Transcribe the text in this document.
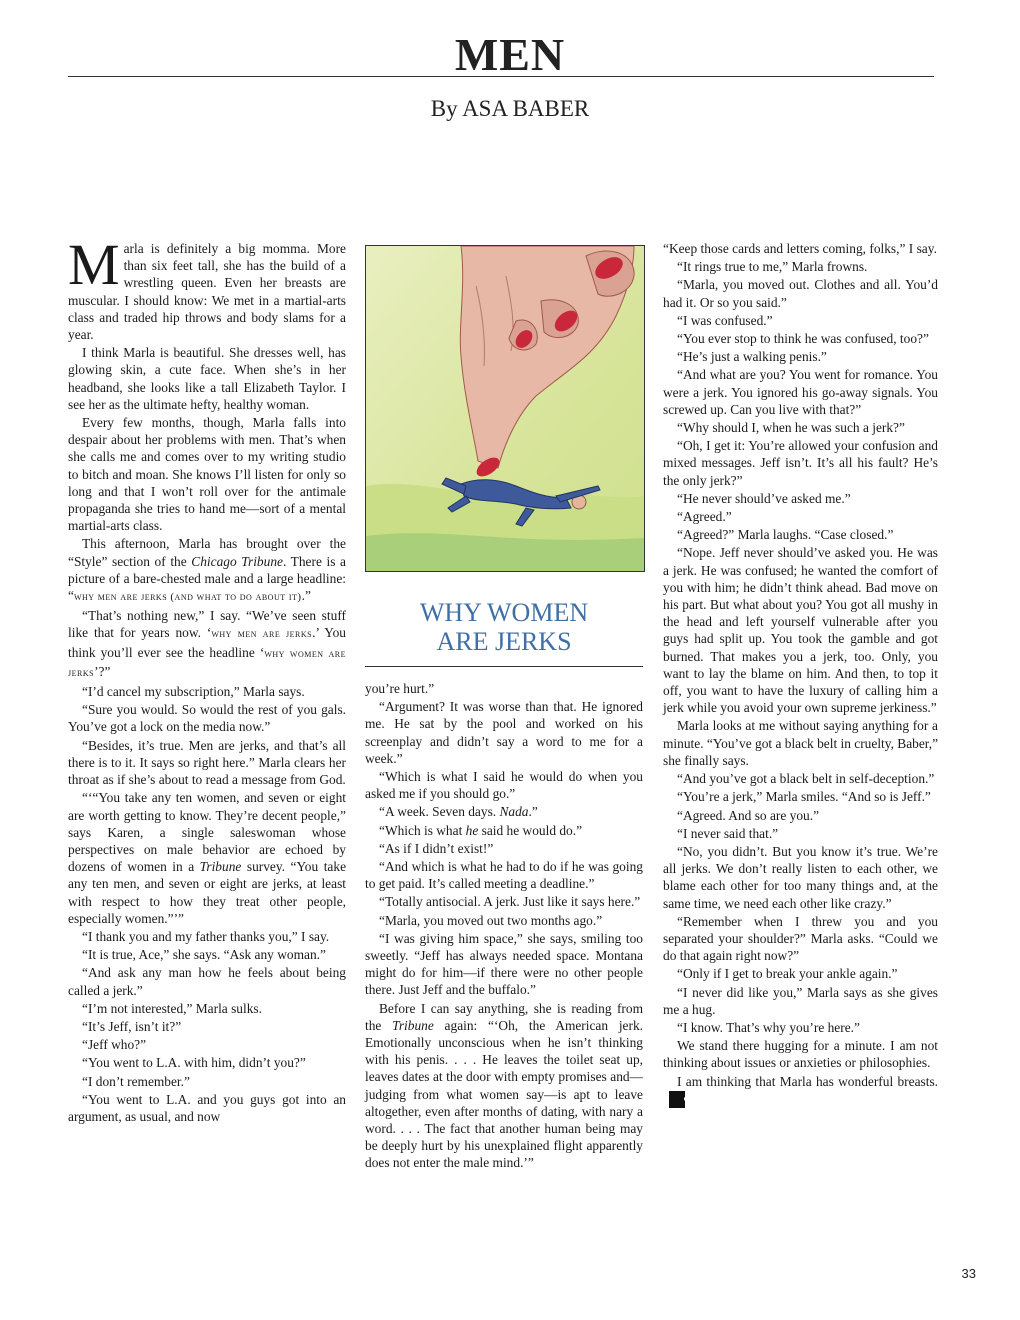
MEN
By ASA BABER

Marla is definitely a big momma. More than six feet tall, she has the build of a wrestling queen. Even her breasts are muscular. I should know: We met in a martial-arts class and traded hip throws and body slams for a year.

I think Marla is beautiful. She dresses well, has glowing skin, a cute face. When she’s in her headband, she looks like a tall Elizabeth Taylor. I see her as the ultimate hefty, healthy woman.

Every few months, though, Marla falls into despair about her problems with men. That’s when she calls me and comes over to my writing studio to bitch and moan. She knows I’ll listen for only so long and that I won’t roll over for the antimale propaganda she tries to hand me—sort of a mental martial-arts class.

This afternoon, Marla has brought over the “Style” section of the Chicago Tribune. There is a picture of a bare-chested male and a large headline: “why men are jerks (and what to do about it).”

“That’s nothing new,” I say. “We’ve seen stuff like that for years now. ‘why men are jerks.’ You think you’ll ever see the headline ‘why women are jerks’?”

“I’d cancel my subscription,” Marla says.

“Sure you would. So would the rest of you gals. You’ve got a lock on the media now.”

“Besides, it’s true. Men are jerks, and that’s all there is to it. It says so right here.” Marla clears her throat as if she’s about to read a message from God.

“‘“You take any ten women, and seven or eight are worth getting to know. They’re decent people,” says Karen, a single saleswoman whose perspectives on male behavior are echoed by dozens of women in a Tribune survey. “You take any ten men, and seven or eight are jerks, at least with respect to how they treat other people, especially women.”’”

“I thank you and my father thanks you,” I say.

“It is true, Ace,” she says. “Ask any woman.”

“And ask any man how he feels about being called a jerk.”

“I’m not interested,” Marla sulks.

“It’s Jeff, isn’t it?”

“Jeff who?”

“You went to L.A. with him, didn’t you?”

“I don’t remember.”

“You went to L.A. and you guys got into an argument, as usual, and now

WHY WOMEN
ARE JERKS

you’re hurt.”

“Argument? It was worse than that. He ignored me. He sat by the pool and worked on his screenplay and didn’t say a word to me for a week.”

“Which is what I said he would do when you asked me if you should go.”

“A week. Seven days. Nada.”

“Which is what he said he would do.”

“As if I didn’t exist!”

“And which is what he had to do if he was going to get paid. It’s called meeting a deadline.”

“Totally antisocial. A jerk. Just like it says here.”

“Marla, you moved out two months ago.”

“I was giving him space,” she says, smiling too sweetly. “Jeff has always needed space. Montana might do for him—if there were no other people there. Just Jeff and the buffalo.”

Before I can say anything, she is reading from the Tribune again: “‘Oh, the American jerk. Emotionally unconscious when he isn’t thinking with his penis. . . . He leaves the toilet seat up, leaves dates at the door with empty promises and—judging from what women say—is apt to leave altogether, even after months of dating, with nary a word. . . . The fact that another human being may be deeply hurt by his unexplained flight apparently does not enter the male mind.’”

“Keep those cards and letters coming, folks,” I say.

“It rings true to me,” Marla frowns.

“Marla, you moved out. Clothes and all. You’d had it. Or so you said.”

“I was confused.”

“You ever stop to think he was confused, too?”

“He’s just a walking penis.”

“And what are you? You went for romance. You were a jerk. You ignored his go-away signals. You screwed up. Can you live with that?”

“Why should I, when he was such a jerk?”

“Oh, I get it: You’re allowed your confusion and mixed messages. Jeff isn’t. It’s all his fault? He’s the only jerk?”

“He never should’ve asked me.”

“Agreed.”

“Agreed?” Marla laughs. “Case closed.”

“Nope. Jeff never should’ve asked you. He was a jerk. He was confused; he wanted the comfort of you with him; he didn’t think ahead. Bad move on his part. But what about you? You got all mushy in the head and left yourself vulnerable after you guys had split up. You took the gamble and got burned. That makes you a jerk, too. Only, you want to lay the blame on him. And then, to top it off, you want to have the luxury of calling him a jerk while you avoid your own supreme jerkiness.”

Marla looks at me without saying anything for a minute. “You’ve got a black belt in cruelty, Baber,” she finally says.

“And you’ve got a black belt in self-deception.”

“You’re a jerk,” Marla smiles. “And so is Jeff.”

“Agreed. And so are you.”

“I never said that.”

“No, you didn’t. But you know it’s true. We’re all jerks. We don’t really listen to each other, we blame each other for too many things and, at the same time, we need each other like crazy.”

“Remember when I threw you and you separated your shoulder?” Marla asks. “Could we do that again right now?”

“Only if I get to break your ankle again.”

“I never did like you,” Marla says as she gives me a hug.

“I know. That’s why you’re here.”

We stand there hugging for a minute. I am not thinking about issues or anxieties or philosophies.

I am thinking that Marla has wonderful breasts.●

33
